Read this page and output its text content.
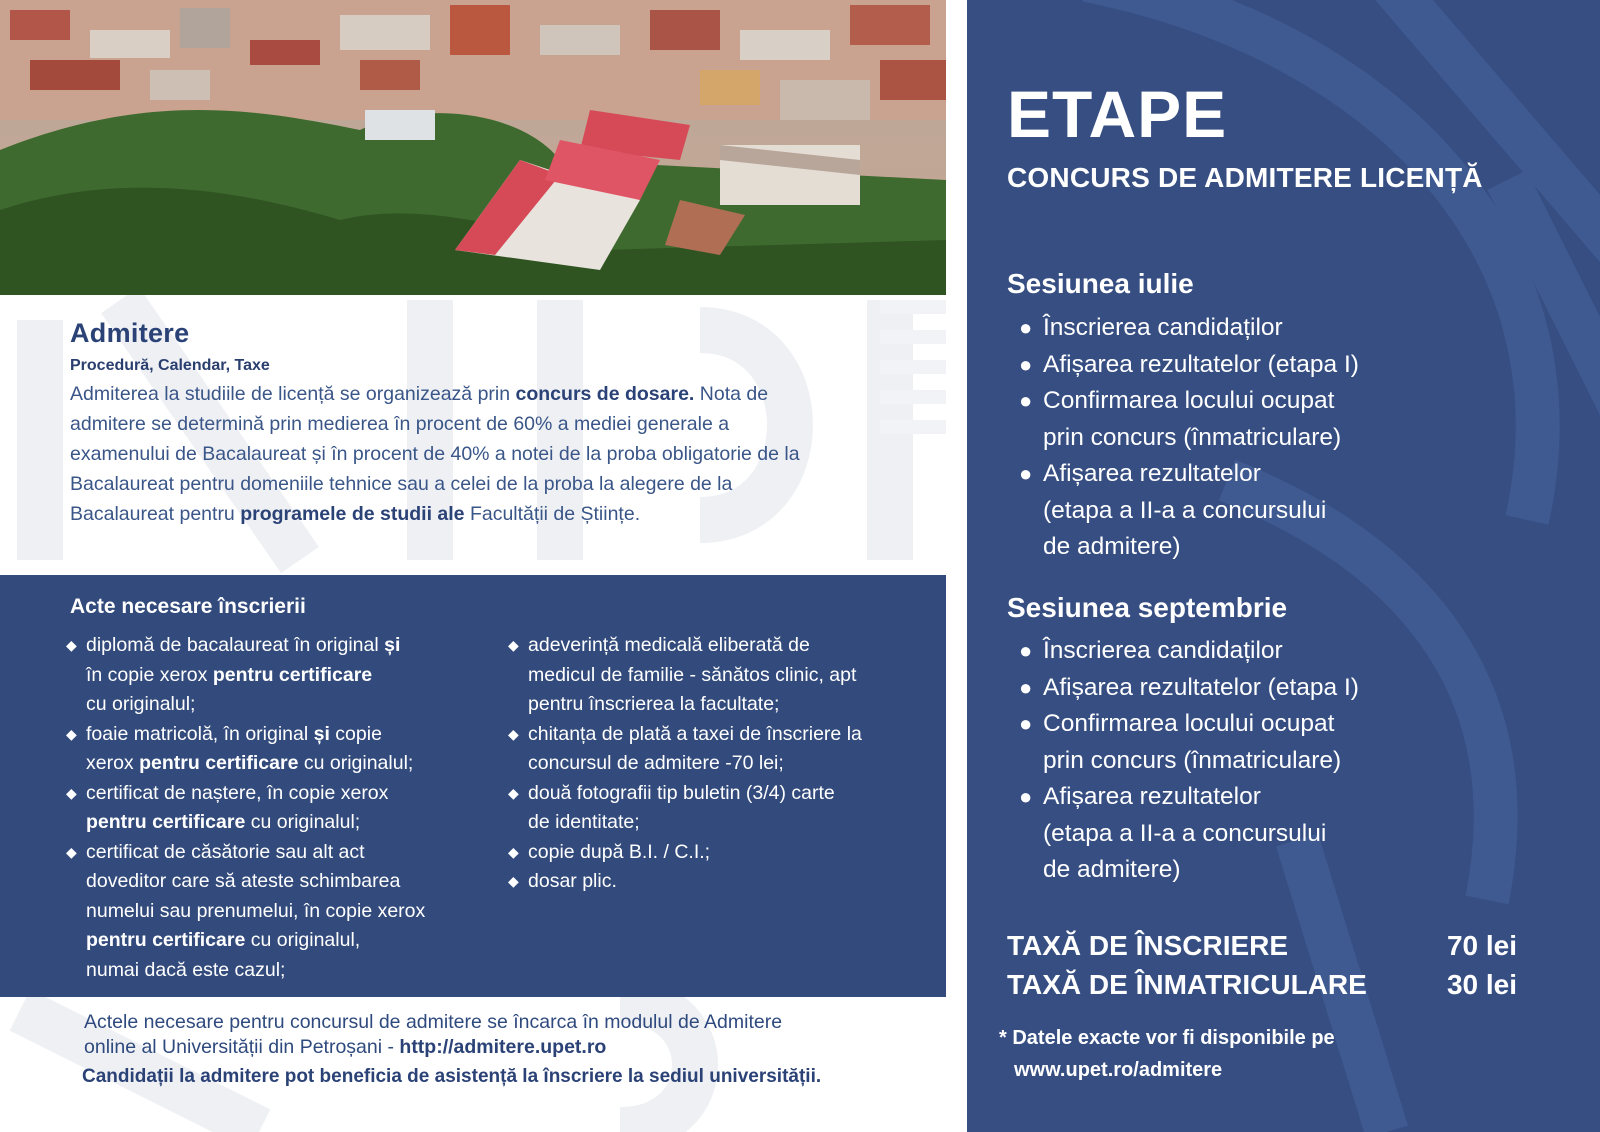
Admitere
Procedură, Calendar, Taxe
Admiterea la studiile de licență se organizează prin concurs de dosare. Nota de
admitere se determină prin medierea în procent de 60% a mediei generale a
examenului de Bacalaureat și în procent de 40% a notei de la proba obligatorie de la
Bacalaureat pentru domeniile tehnice sau a celei de la proba la alegere de la
Bacalaureat pentru programele de studii ale Facultății de Științe.
Acte necesare înscrierii
◆ diplomă de bacalaureat în original și
în copie xerox pentru certificare
cu originalul;
◆ foaie matricolă, în original și copie
xerox pentru certificare cu originalul;
◆ certificat de naștere, în copie xerox
pentru certificare cu originalul;
◆ certificat de căsătorie sau alt act
doveditor care să ateste schimbarea
numelui sau prenumelui, în copie xerox
pentru certificare cu originalul,
numai dacă este cazul;
◆ adeverință medicală eliberată de
medicul de familie - sănătos clinic, apt
pentru înscrierea la facultate;
◆ chitanța de plată a taxei de înscriere la
concursul de admitere -70 lei;
◆ două fotografii tip buletin (3/4) carte
de identitate;
◆ copie după B.I. / C.I.;
◆ dosar plic.
Actele necesare pentru concursul de admitere se încarca în modulul de Admitere
online al Universității din Petroșani - http://admitere.upet.ro
Candidații la admitere pot beneficia de asistență la înscriere la sediul universității.
ETAPE
CONCURS DE ADMITERE LICENȚĂ
Sesiunea iulie
● Înscrierea candidaților
● Afișarea rezultatelor (etapa I)
● Confirmarea locului ocupat
prin concurs (înmatriculare)
● Afișarea rezultatelor
(etapa a II-a a concursului
de admitere)
Sesiunea septembrie
● Înscrierea candidaților
● Afișarea rezultatelor (etapa I)
● Confirmarea locului ocupat
prin concurs (înmatriculare)
● Afișarea rezultatelor
(etapa a II-a a concursului
de admitere)
TAXĂ DE ÎNSCRIERE	70 lei
TAXĂ DE ÎNMATRICULARE	30 lei
* Datele exacte vor fi disponibile pe
www.upet.ro/admitere
